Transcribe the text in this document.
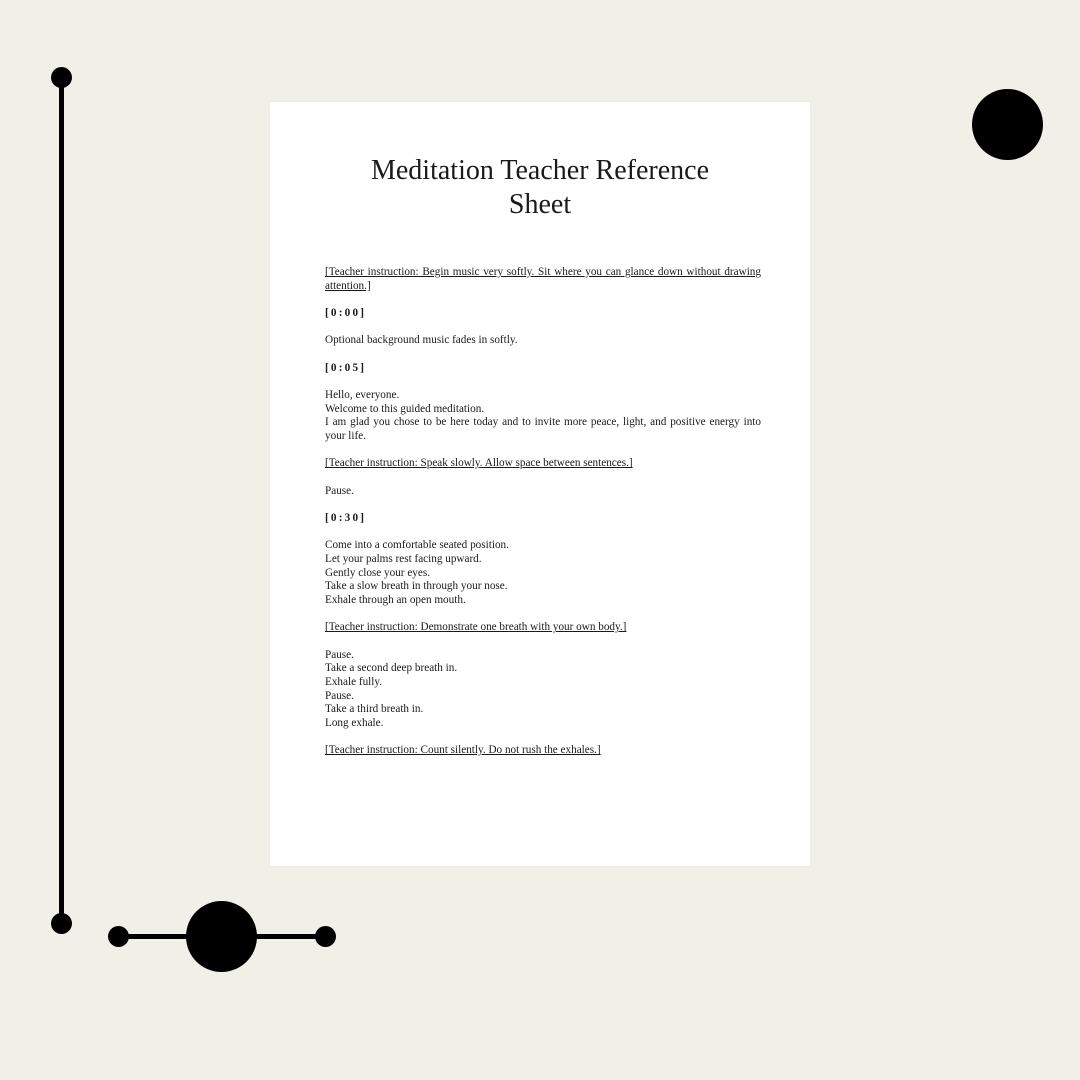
Meditation Teacher Reference Sheet

[Teacher instruction: Begin music very softly. Sit where you can glance down without drawing attention.]

[0:00]

Optional background music fades in softly.

[0:05]

Hello, everyone.
Welcome to this guided meditation.
I am glad you chose to be here today and to invite more peace, light, and positive energy into your life.

[Teacher instruction: Speak slowly. Allow space between sentences.]

Pause.

[0:30]

Come into a comfortable seated position.
Let your palms rest facing upward.
Gently close your eyes.
Take a slow breath in through your nose.
Exhale through an open mouth.

[Teacher instruction: Demonstrate one breath with your own body.]

Pause.
Take a second deep breath in.
Exhale fully.
Pause.
Take a third breath in.
Long exhale.

[Teacher instruction: Count silently. Do not rush the exhales.]
